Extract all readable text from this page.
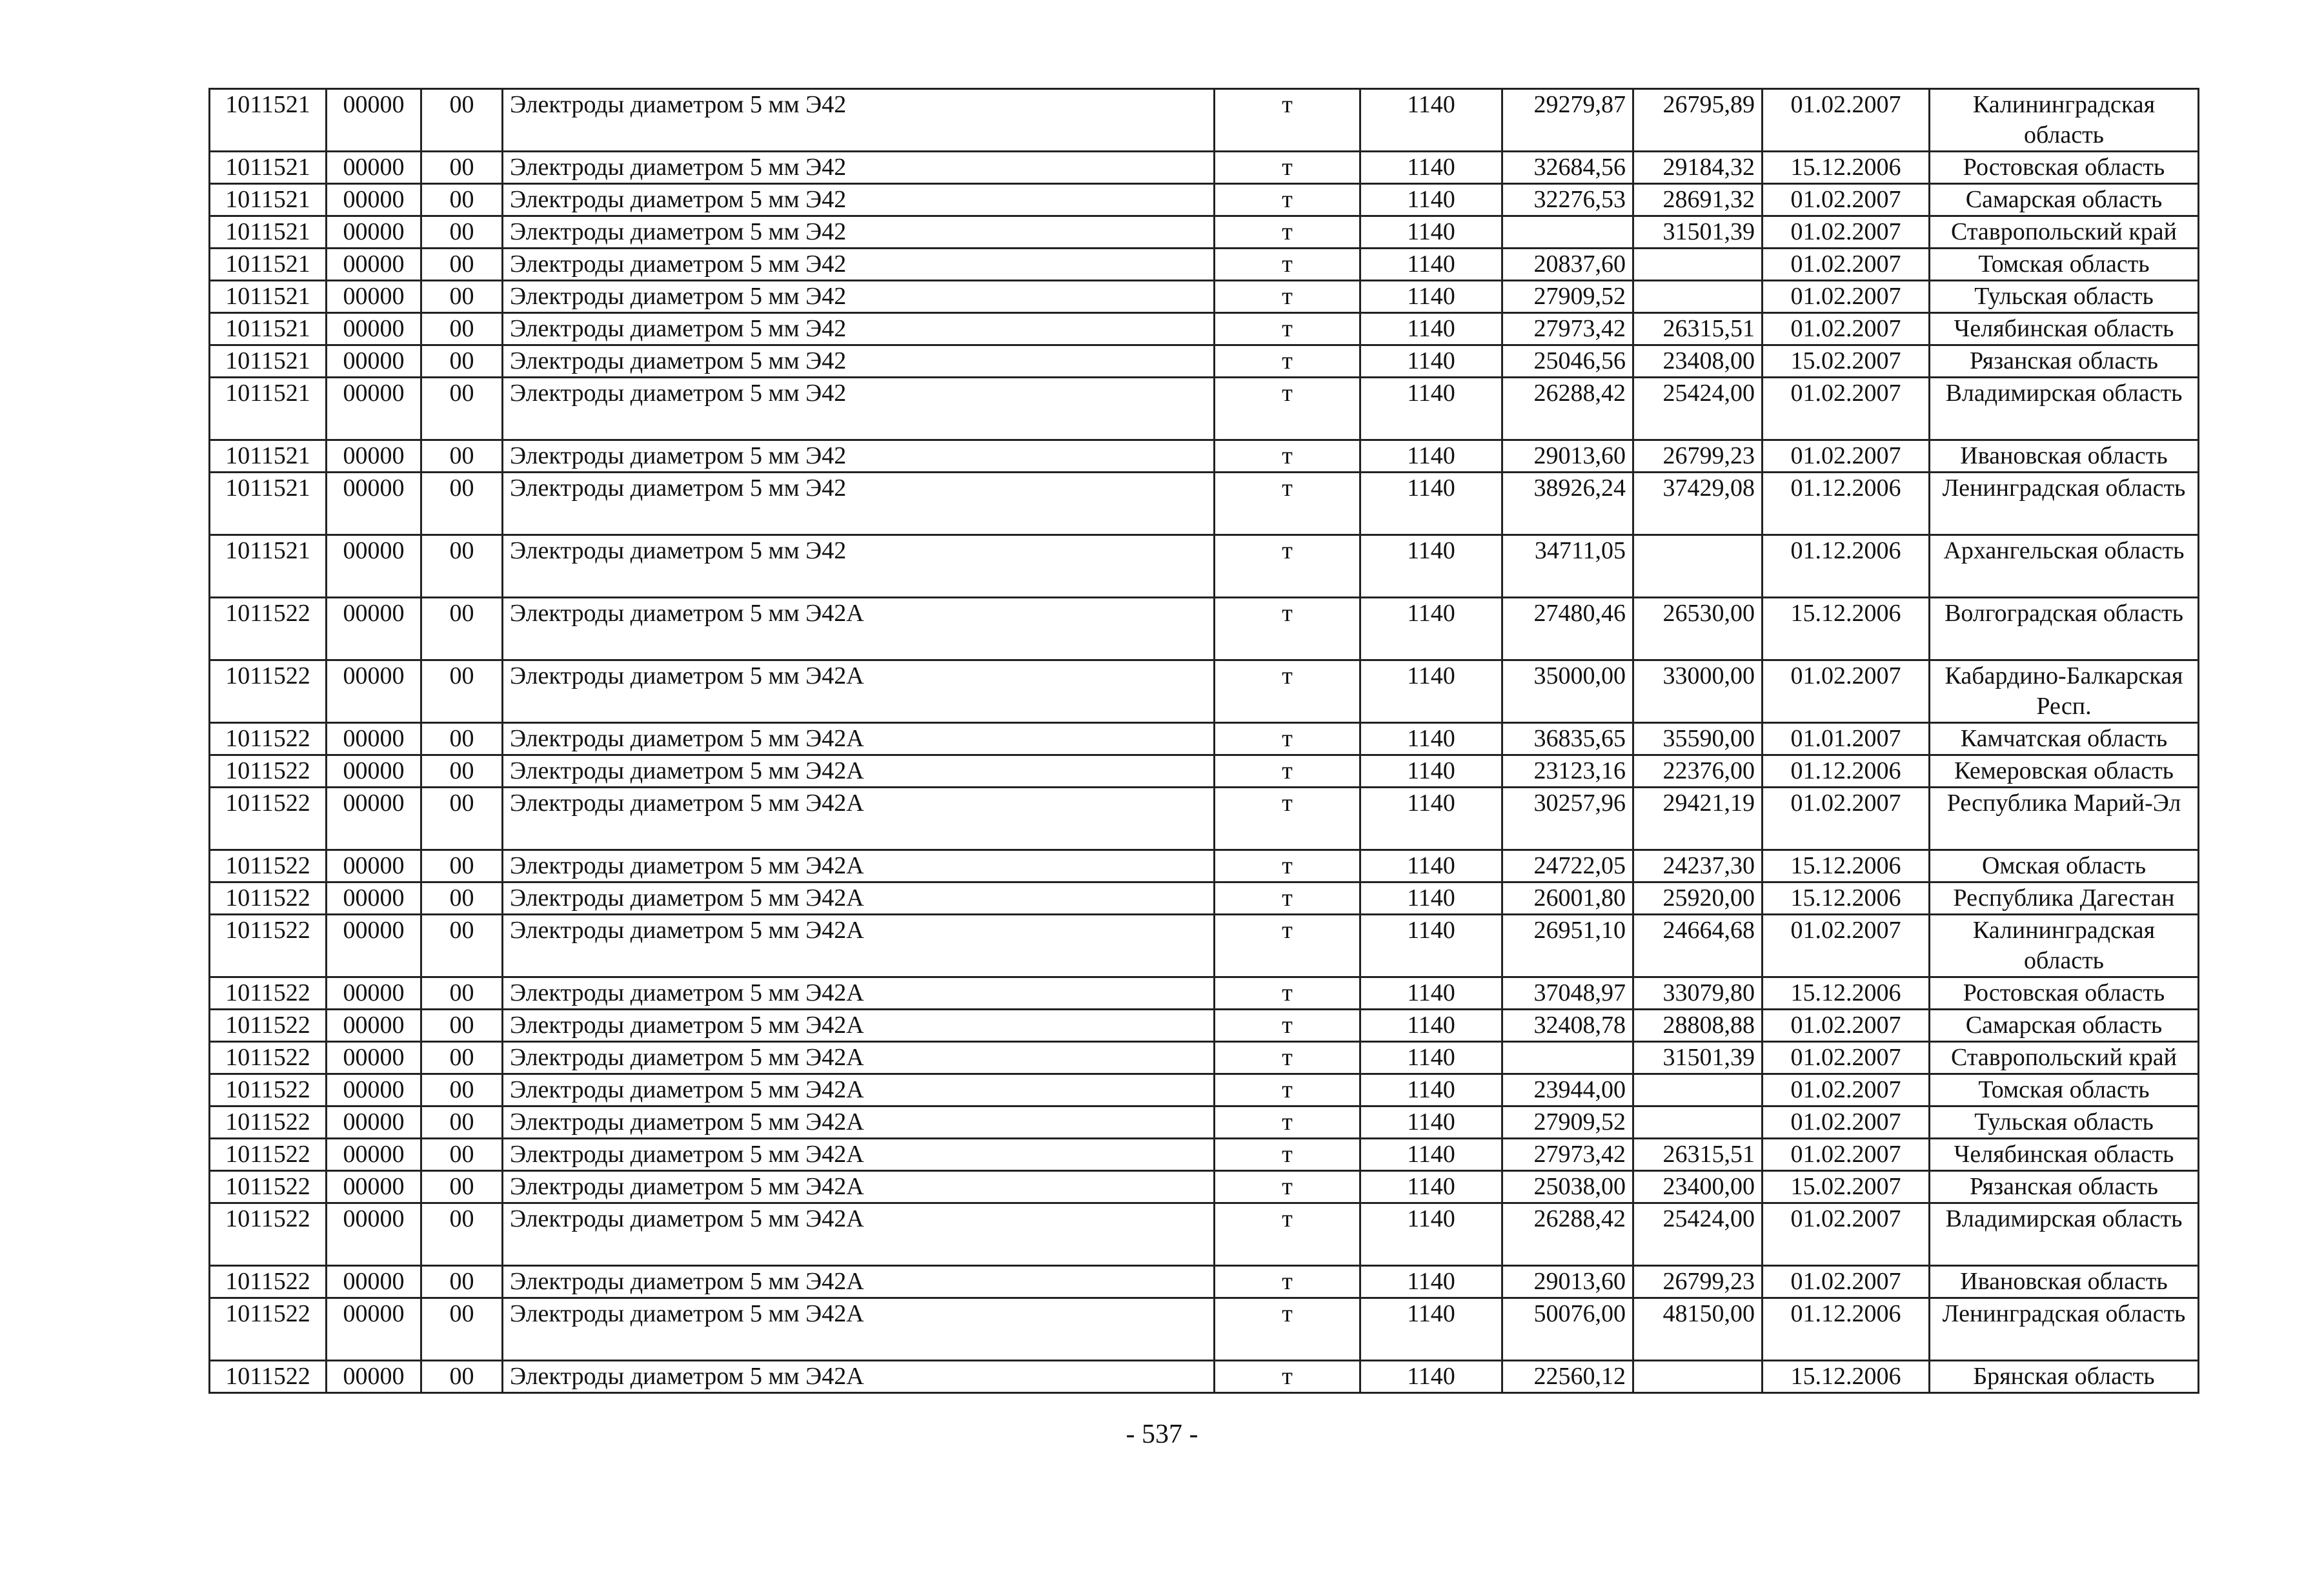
1011521	00000	00	Электроды диаметром 5 мм Э42	т	1140	29279,87	26795,89	01.02.2007	Калининградская область
1011521	00000	00	Электроды диаметром 5 мм Э42	т	1140	32684,56	29184,32	15.12.2006	Ростовская область
1011521	00000	00	Электроды диаметром 5 мм Э42	т	1140	32276,53	28691,32	01.02.2007	Самарская область
1011521	00000	00	Электроды диаметром 5 мм Э42	т	1140		31501,39	01.02.2007	Ставропольский край
1011521	00000	00	Электроды диаметром 5 мм Э42	т	1140	20837,60		01.02.2007	Томская область
1011521	00000	00	Электроды диаметром 5 мм Э42	т	1140	27909,52		01.02.2007	Тульская область
1011521	00000	00	Электроды диаметром 5 мм Э42	т	1140	27973,42	26315,51	01.02.2007	Челябинская область
1011521	00000	00	Электроды диаметром 5 мм Э42	т	1140	25046,56	23408,00	15.02.2007	Рязанская область
1011521	00000	00	Электроды диаметром 5 мм Э42	т	1140	26288,42	25424,00	01.02.2007	Владимирская область
1011521	00000	00	Электроды диаметром 5 мм Э42	т	1140	29013,60	26799,23	01.02.2007	Ивановская область
1011521	00000	00	Электроды диаметром 5 мм Э42	т	1140	38926,24	37429,08	01.12.2006	Ленинградская область
1011521	00000	00	Электроды диаметром 5 мм Э42	т	1140	34711,05		01.12.2006	Архангельская область
1011522	00000	00	Электроды диаметром 5 мм Э42А	т	1140	27480,46	26530,00	15.12.2006	Волгоградская область
1011522	00000	00	Электроды диаметром 5 мм Э42А	т	1140	35000,00	33000,00	01.02.2007	Кабардино-Балкарская Респ.
1011522	00000	00	Электроды диаметром 5 мм Э42А	т	1140	36835,65	35590,00	01.01.2007	Камчатская область
1011522	00000	00	Электроды диаметром 5 мм Э42А	т	1140	23123,16	22376,00	01.12.2006	Кемеровская область
1011522	00000	00	Электроды диаметром 5 мм Э42А	т	1140	30257,96	29421,19	01.02.2007	Республика Марий-Эл
1011522	00000	00	Электроды диаметром 5 мм Э42А	т	1140	24722,05	24237,30	15.12.2006	Омская область
1011522	00000	00	Электроды диаметром 5 мм Э42А	т	1140	26001,80	25920,00	15.12.2006	Республика Дагестан
1011522	00000	00	Электроды диаметром 5 мм Э42А	т	1140	26951,10	24664,68	01.02.2007	Калининградская область
1011522	00000	00	Электроды диаметром 5 мм Э42А	т	1140	37048,97	33079,80	15.12.2006	Ростовская область
1011522	00000	00	Электроды диаметром 5 мм Э42А	т	1140	32408,78	28808,88	01.02.2007	Самарская область
1011522	00000	00	Электроды диаметром 5 мм Э42А	т	1140		31501,39	01.02.2007	Ставропольский край
1011522	00000	00	Электроды диаметром 5 мм Э42А	т	1140	23944,00		01.02.2007	Томская область
1011522	00000	00	Электроды диаметром 5 мм Э42А	т	1140	27909,52		01.02.2007	Тульская область
1011522	00000	00	Электроды диаметром 5 мм Э42А	т	1140	27973,42	26315,51	01.02.2007	Челябинская область
1011522	00000	00	Электроды диаметром 5 мм Э42А	т	1140	25038,00	23400,00	15.02.2007	Рязанская область
1011522	00000	00	Электроды диаметром 5 мм Э42А	т	1140	26288,42	25424,00	01.02.2007	Владимирская область
1011522	00000	00	Электроды диаметром 5 мм Э42А	т	1140	29013,60	26799,23	01.02.2007	Ивановская область
1011522	00000	00	Электроды диаметром 5 мм Э42А	т	1140	50076,00	48150,00	01.12.2006	Ленинградская область
1011522	00000	00	Электроды диаметром 5 мм Э42А	т	1140	22560,12		15.12.2006	Брянская область
- 537 -
